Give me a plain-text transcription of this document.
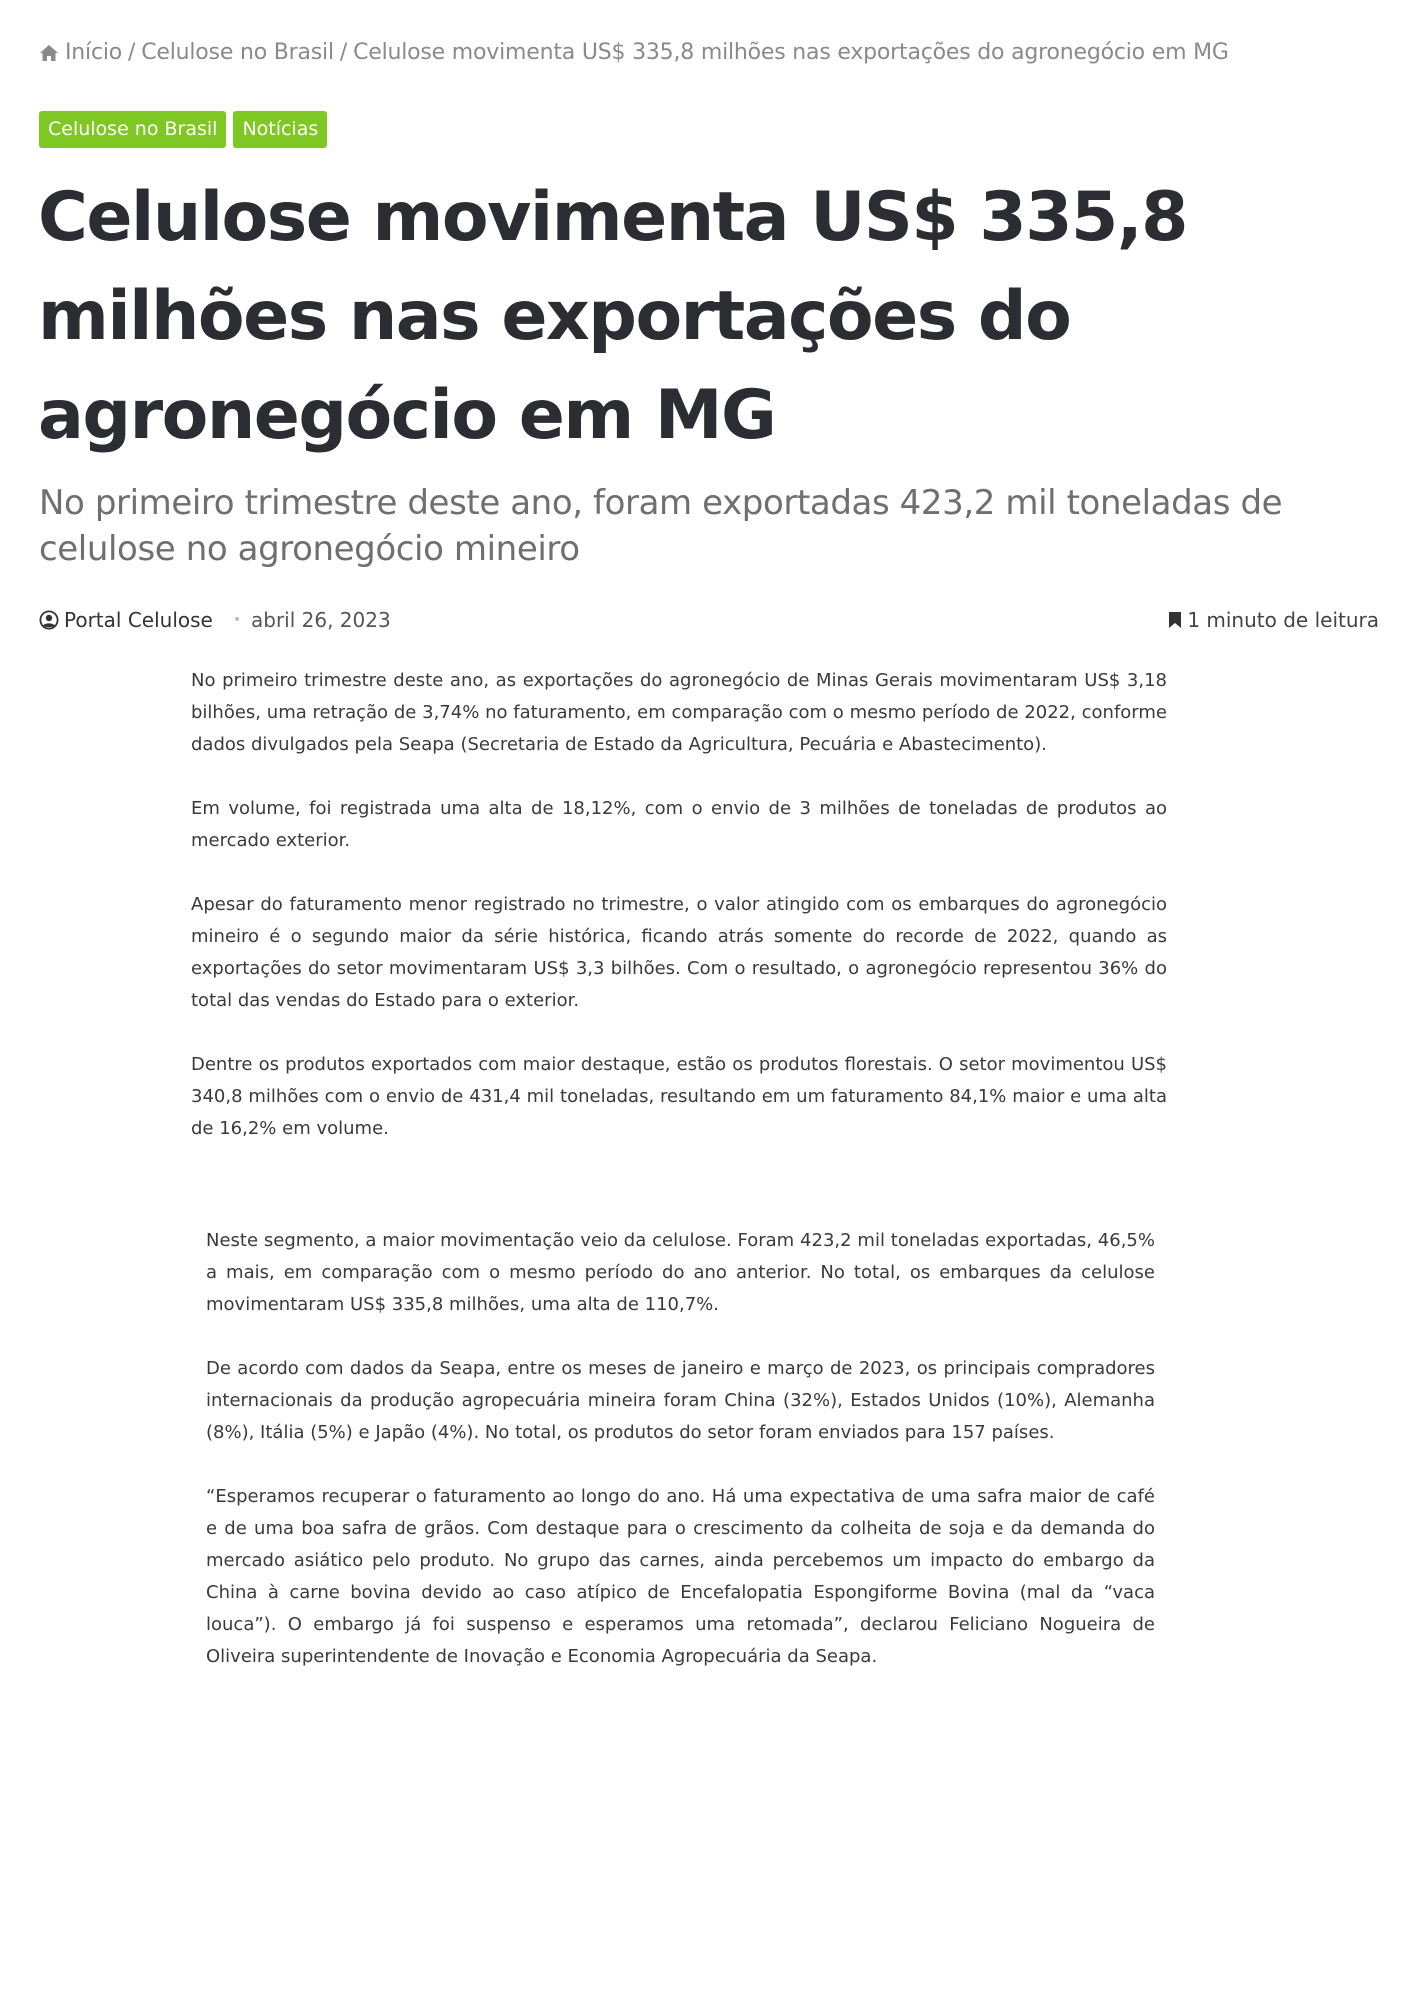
Início / Celulose no Brasil / Celulose movimenta US$ 335,8 milhões nas exportações do agronegócio em MG
Celulose no Brasil	Notícias
Celulose movimenta US$ 335,8 milhões nas exportações do agronegócio em MG
No primeiro trimestre deste ano, foram exportadas 423,2 mil toneladas de celulose no agronegócio mineiro
Portal Celulose • abril 26, 2023	1 minuto de leitura

No primeiro trimestre deste ano, as exportações do agronegócio de Minas Gerais movimentaram US$ 3,18 bilhões, uma retração de 3,74% no faturamento, em comparação com o mesmo período de 2022, conforme dados divulgados pela Seapa (Secretaria de Estado da Agricultura, Pecuária e Abastecimento).

Em volume, foi registrada uma alta de 18,12%, com o envio de 3 milhões de toneladas de produtos ao mercado exterior.

Apesar do faturamento menor registrado no trimestre, o valor atingido com os embarques do agronegócio mineiro é o segundo maior da série histórica, ficando atrás somente do recorde de 2022, quando as exportações do setor movimentaram US$ 3,3 bilhões. Com o resultado, o agronegócio representou 36% do total das vendas do Estado para o exterior.

Dentre os produtos exportados com maior destaque, estão os produtos florestais. O setor movimentou US$ 340,8 milhões com o envio de 431,4 mil toneladas, resultando em um faturamento 84,1% maior e uma alta de 16,2% em volume.

Neste segmento, a maior movimentação veio da celulose. Foram 423,2 mil toneladas exportadas, 46,5% a mais, em comparação com o mesmo período do ano anterior. No total, os embarques da celulose movimentaram US$ 335,8 milhões, uma alta de 110,7%.

De acordo com dados da Seapa, entre os meses de janeiro e março de 2023, os principais compradores internacionais da produção agropecuária mineira foram China (32%), Estados Unidos (10%), Alemanha (8%), Itália (5%) e Japão (4%). No total, os produtos do setor foram enviados para 157 países.

“Esperamos recuperar o faturamento ao longo do ano. Há uma expectativa de uma safra maior de café e de uma boa safra de grãos. Com destaque para o crescimento da colheita de soja e da demanda do mercado asiático pelo produto. No grupo das carnes, ainda percebemos um impacto do embargo da China à carne bovina devido ao caso atípico de Encefalopatia Espongiforme Bovina (mal da “vaca louca”). O embargo já foi suspenso e esperamos uma retomada”, declarou Feliciano Nogueira de Oliveira superintendente de Inovação e Economia Agropecuária da Seapa.
